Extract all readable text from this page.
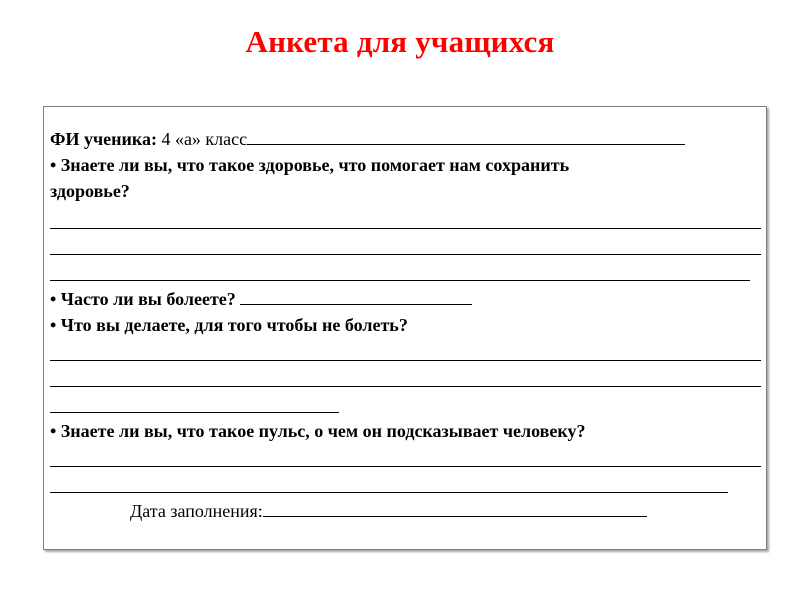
Анкета для учащихся
ФИ ученика: 4 «а» класс
• Знаете ли вы, что такое здоровье, что помогает нам сохранить
здоровье?
• Часто ли вы болеете?
• Что вы делаете, для того чтобы не болеть?
• Знаете ли вы, что такое пульс, о чем он подсказывает человеку?
Дата заполнения:
